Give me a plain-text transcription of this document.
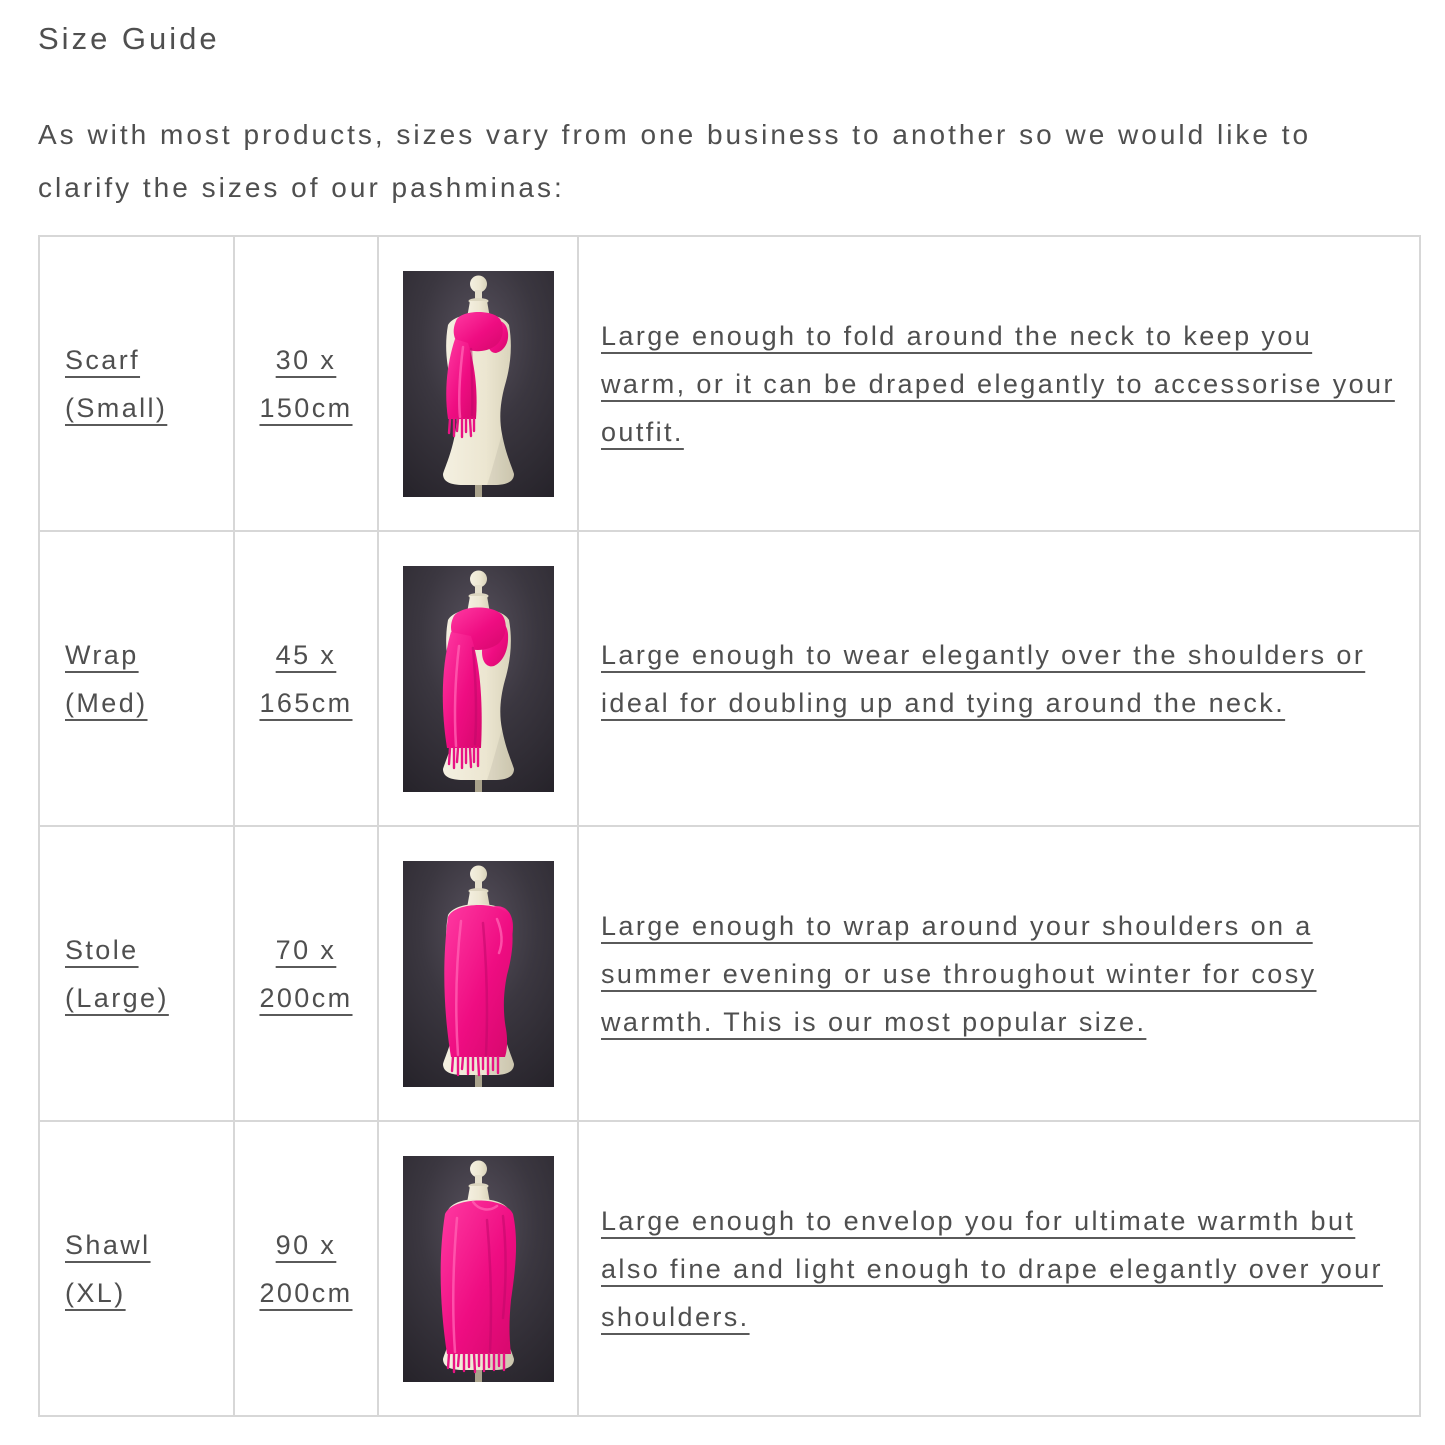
Size Guide

As with most products, sizes vary from one business to another so we would like to clarify the sizes of our pashminas:

Scarf (Small)	30 x 150cm		Large enough to fold around the neck to keep you warm, or it can be draped elegantly to accessorise your outfit.
Wrap (Med)	45 x 165cm		Large enough to wear elegantly over the shoulders or ideal for doubling up and tying around the neck.
Stole (Large)	70 x 200cm		Large enough to wrap around your shoulders on a summer evening or use throughout winter for cosy warmth. This is our most popular size.
Shawl (XL)	90 x 200cm		Large enough to envelop you for ultimate warmth but also fine and light enough to drape elegantly over your shoulders.
